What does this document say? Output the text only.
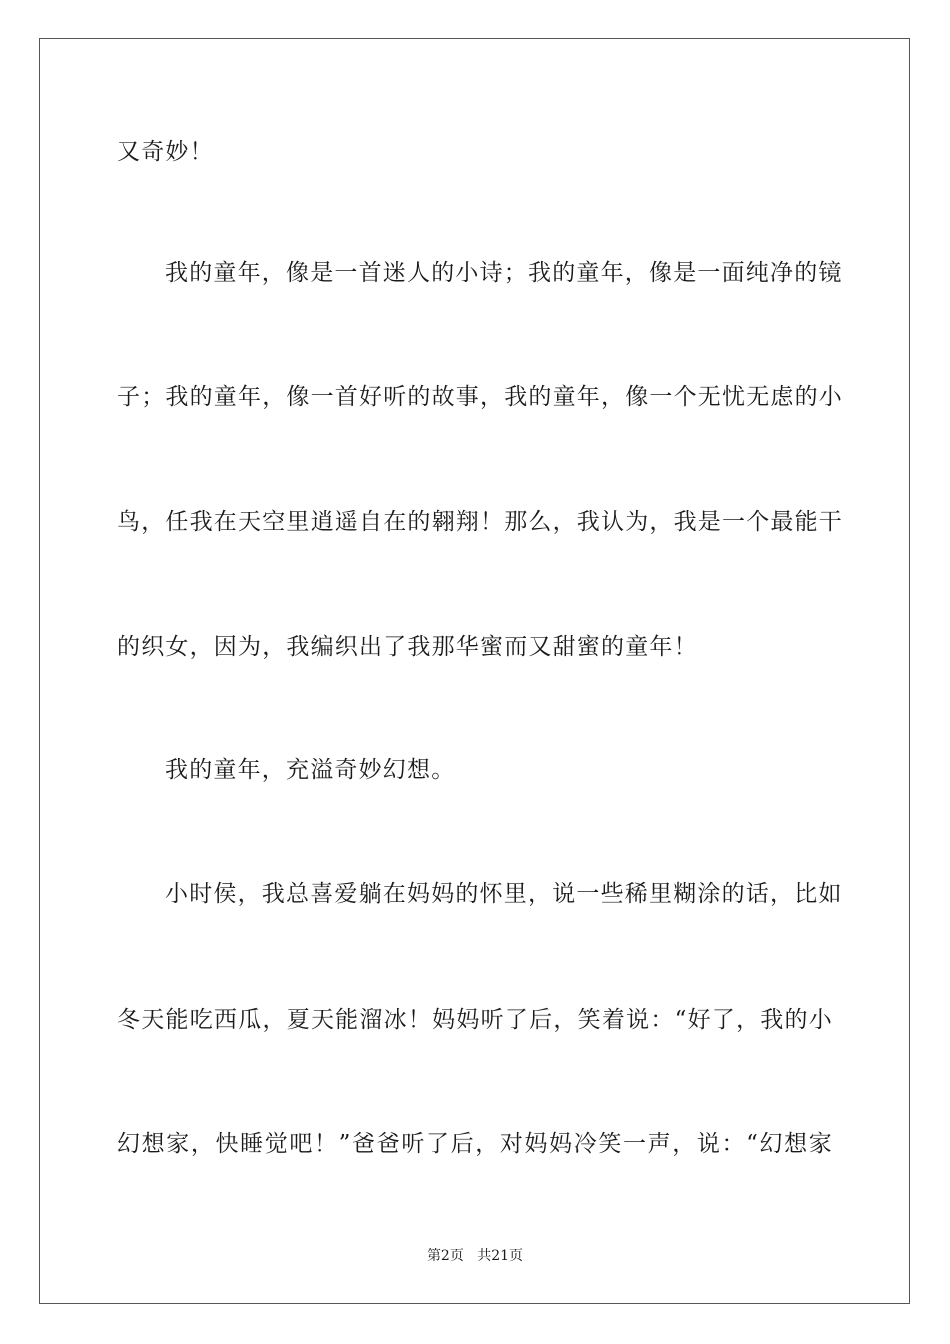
又奇妙！
我的童年，像是一首迷人的小诗；我的童年，像是一面纯净的镜
子；我的童年，像一首好听的故事，我的童年，像一个无忧无虑的小
鸟，任我在天空里逍遥自在的翱翔！那么，我认为，我是一个最能干
的织女，因为，我编织出了我那华蜜而又甜蜜的童年！
我的童年，充溢奇妙幻想。
小时侯，我总喜爱躺在妈妈的怀里，说一些稀里糊涂的话，比如
冬天能吃西瓜，夏天能溜冰！妈妈听了后，笑着说：“好了，我的小
幻想家，快睡觉吧！”爸爸听了后，对妈妈冷笑一声，说：“幻想家
第2页 共21页
